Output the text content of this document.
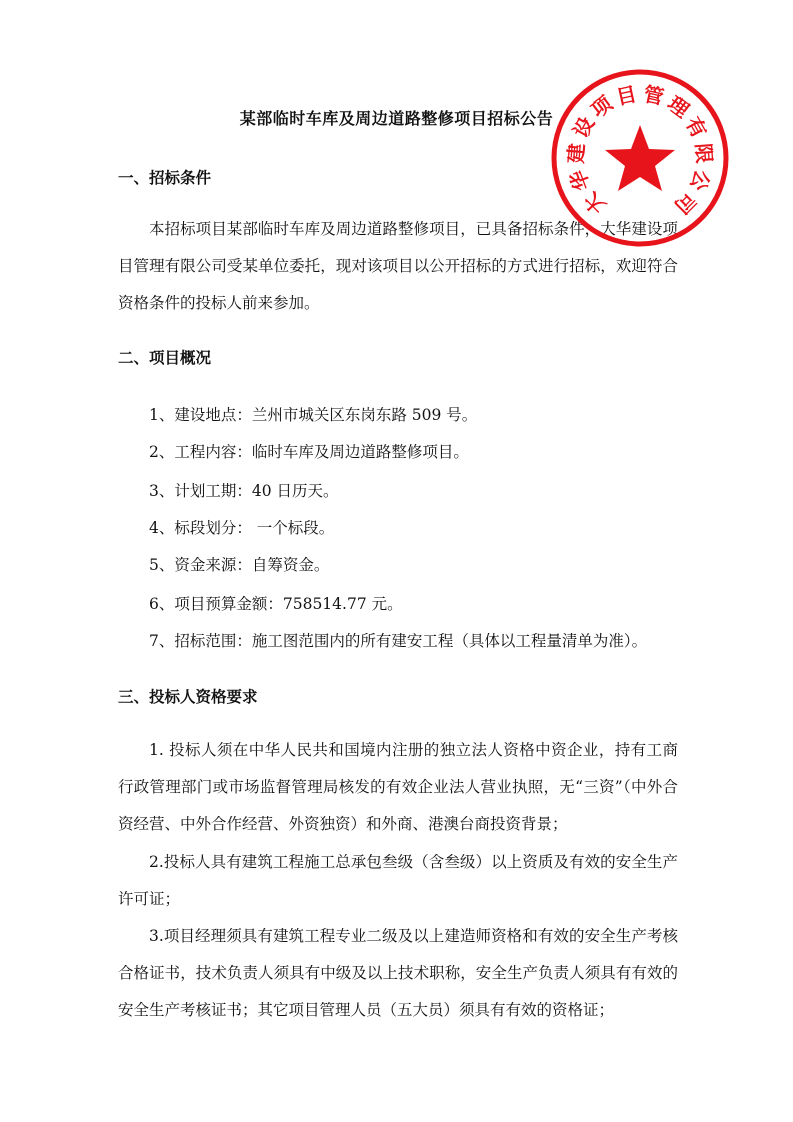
某部临时车库及周边道路整修项目招标公告
一、招标条件

本招标项目某部临时车库及周边道路整修项目，已具备招标条件，大华建设项目管理有限公司受某单位委托，现对该项目以公开招标的方式进行招标，欢迎符合资格条件的投标人前来参加。

二、项目概况
1、建设地点：兰州市城关区东岗东路 509 号。
2、工程内容：临时车库及周边道路整修项目。
3、计划工期：40 日历天。
4、标段划分： 一个标段。
5、资金来源：自筹资金。
6、项目预算金额：758514.77 元。
7、招标范围：施工图范围内的所有建安工程（具体以工程量清单为准）。
三、投标人资格要求

1. 投标人须在中华人民共和国境内注册的独立法人资格中资企业，持有工商行政管理部门或市场监督管理局核发的有效企业法人营业执照，无“三资”（中外合资经营、中外合作经营、外资独资）和外商、港澳台商投资背景；

2.投标人具有建筑工程施工总承包叁级（含叁级）以上资质及有效的安全生产许可证；

3.项目经理须具有建筑工程专业二级及以上建造师资格和有效的安全生产考核合格证书，技术负责人须具有中级及以上技术职称，安全生产负责人须具有有效的安全生产考核证书；其它项目管理人员（五大员）须具有有效的资格证；

大
华
建
设
项
目 管
理
有
限
公
司
